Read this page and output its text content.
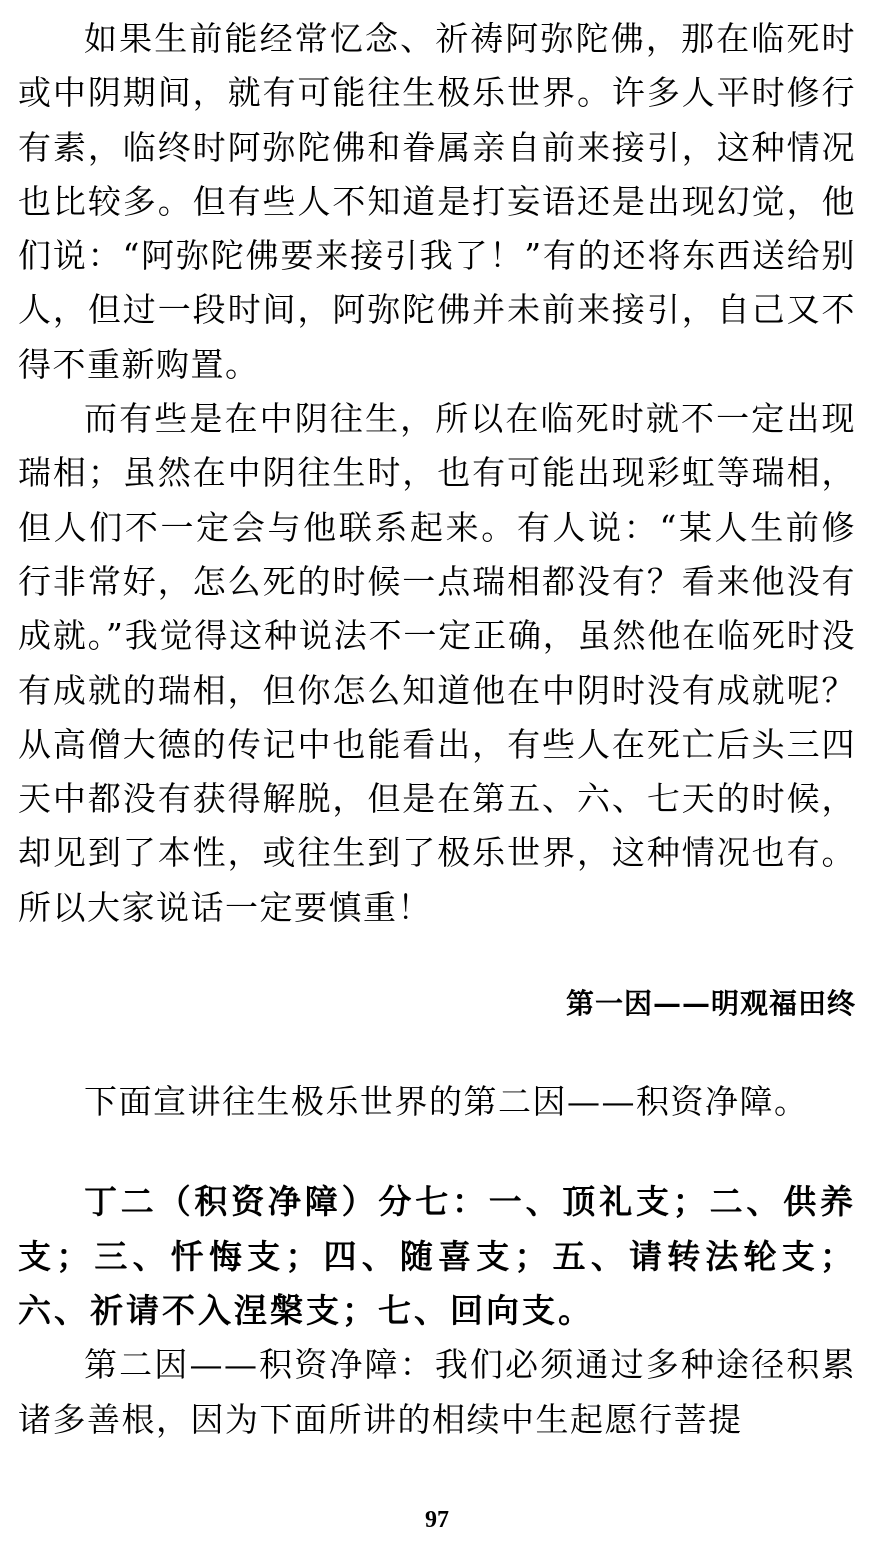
如果生前能经常忆念、祈祷阿弥陀佛，那在临死时或中阴期间，就有可能往生极乐世界。许多人平时修行有素，临终时阿弥陀佛和眷属亲自前来接引，这种情况也比较多。但有些人不知道是打妄语还是出现幻觉，他们说：“阿弥陀佛要来接引我了！”有的还将东西送给别人，但过一段时间，阿弥陀佛并未前来接引，自己又不得不重新购置。

而有些是在中阴往生，所以在临死时就不一定出现瑞相；虽然在中阴往生时，也有可能出现彩虹等瑞相，但人们不一定会与他联系起来。有人说：“某人生前修行非常好，怎么死的时候一点瑞相都没有？看来他没有成就。”我觉得这种说法不一定正确，虽然他在临死时没有成就的瑞相，但你怎么知道他在中阴时没有成就呢？从高僧大德的传记中也能看出，有些人在死亡后头三四天中都没有获得解脱，但是在第五、六、七天的时候，却见到了本性，或往生到了极乐世界，这种情况也有。所以大家说话一定要慎重！

第一因——明观福田终

下面宣讲往生极乐世界的第二因——积资净障。

丁二（积资净障）分七：一、顶礼支；二、供养支；三、忏悔支；四、随喜支；五、请转法轮支；六、祈请不入涅槃支；七、回向支。

第二因——积资净障：我们必须通过多种途径积累诸多善根，因为下面所讲的相续中生起愿行菩提

97
